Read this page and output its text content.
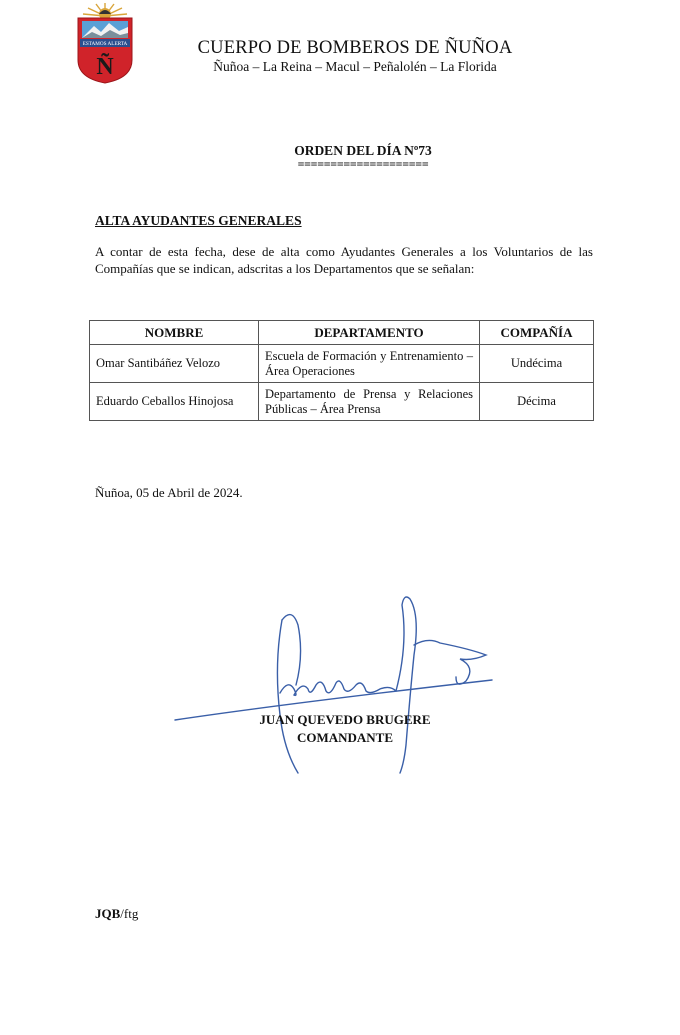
ESTAMOS ALERTA
Ñ
CUERPO DE BOMBEROS DE ÑUÑOA
Ñuñoa – La Reina – Macul – Peñalolén – La Florida
ORDEN DEL DÍA Nº73
====================
ALTA AYUDANTES GENERALES
A contar de esta fecha, dese de alta como Ayudantes Generales a los Voluntarios de las Compañías que se indican, adscritas a los Departamentos que se señalan:
NOMBRE	DEPARTAMENTO	COMPAÑÍA
Omar Santibáñez Velozo	Escuela de Formación y Entrenamiento – Área Operaciones	Undécima
Eduardo Ceballos Hinojosa	Departamento de Prensa y Relaciones Públicas – Área Prensa	Décima
Ñuñoa, 05 de Abril de 2024.
JUAN QUEVEDO BRUGERE
COMANDANTE
JQB/ftg
